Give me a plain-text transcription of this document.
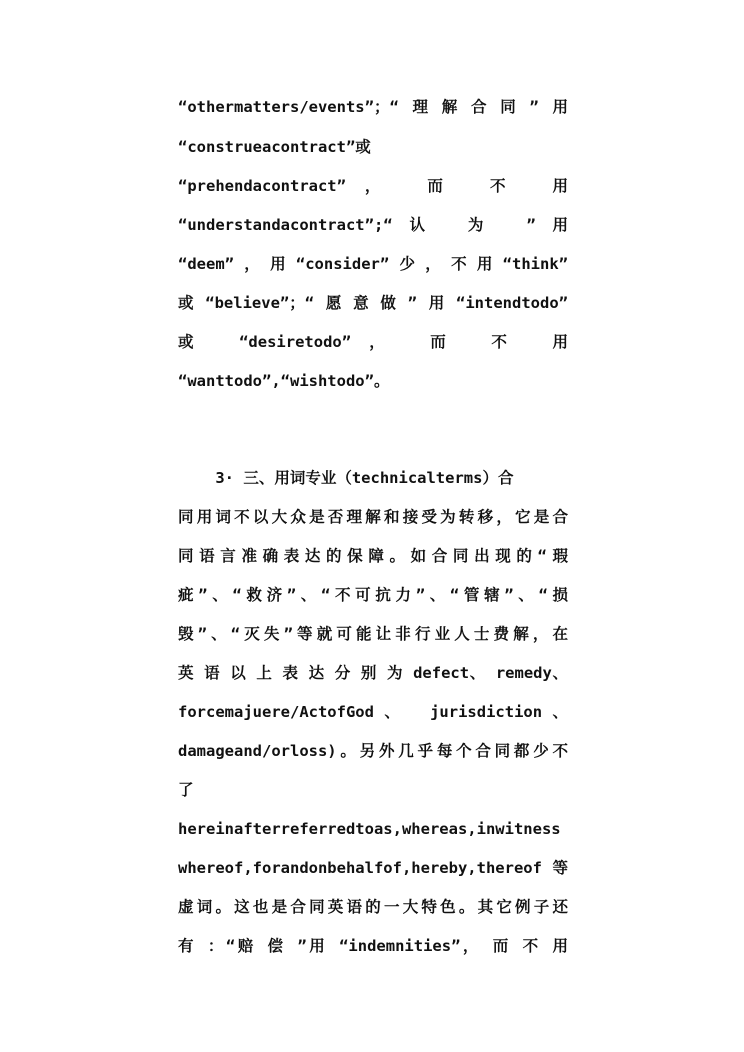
“othermatters/events”；“理解合同”用
“construeacontract”或
“prehendacontract”， 而 不 用
“understandacontract”;“认 为 ”用
“deem”，用“consider”少，不用“think”
或“believe”；“愿意做”用“intendtodo”
或 “desiretodo”， 而 不 用
“wanttodo”,“wishtodo”。
3· 三、用词专业（technicalterms）合
同用词不以大众是否理解和接受为转移，它是合
同语言准确表达的保障。如合同出现的“瑕
疵”、“救济”、“不可抗力”、“管辖”、“损
毁”、“灭失”等就可能让非行业人士费解，在
英 语 以 上 表 达 分 别 为 defect、 remedy、
forcemajuere/ActofGod、 jurisdiction、
damageand/orloss)。另外几乎每个合同都少不
了
hereinafterreferredtoas,whereas,inwitness
whereof,forandonbehalfof,hereby,thereof 等
虚词。这也是合同英语的一大特色。其它例子还
有 ：“赔 偿 ”用 “indemnities”， 而 不 用
